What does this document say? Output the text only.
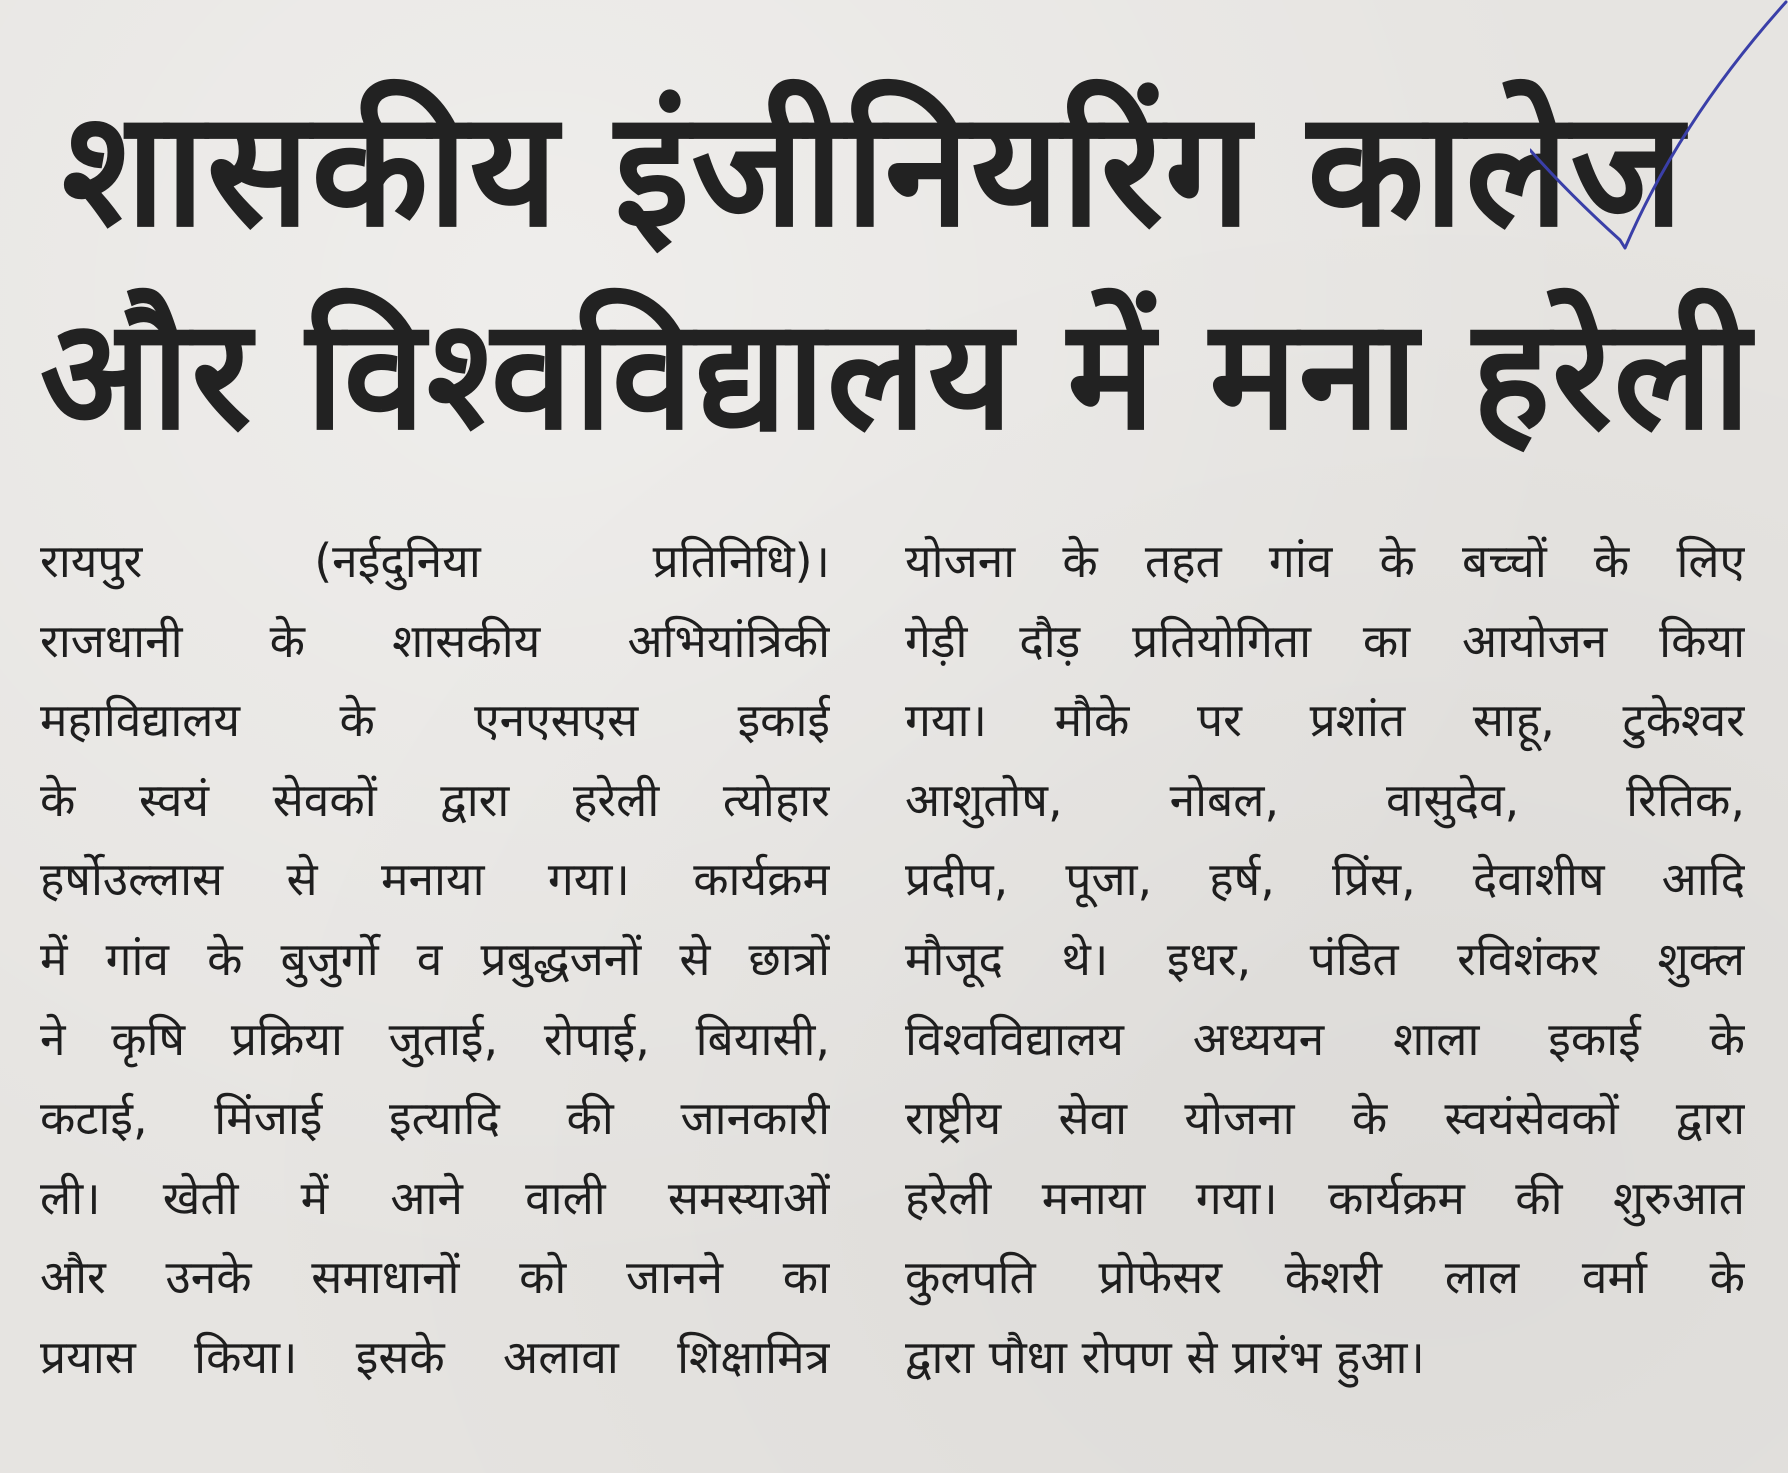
शासकीय इंजीनियरिंग कालेज
और विश्वविद्यालय में मना हरेली
रायपुर (नईदुनिया प्रतिनिधि)।
राजधानी के शासकीय अभियांत्रिकी
महाविद्यालय के एनएसएस इकाई
के स्वयं सेवकों द्वारा हरेली त्योहार
हर्षोउल्लास से मनाया गया। कार्यक्रम
में गांव के बुजुर्गो व प्रबुद्धजनों से छात्रों
ने कृषि प्रक्रिया जुताई, रोपाई, बियासी,
कटाई, मिंजाई इत्यादि की जानकारी
ली। खेती में आने वाली समस्याओं
और उनके समाधानों को जानने का
प्रयास किया। इसके अलावा शिक्षामित्र
योजना के तहत गांव के बच्चों के लिए
गेड़ी दौड़ प्रतियोगिता का आयोजन किया
गया। मौके पर प्रशांत साहू, टुकेश्वर
आशुतोष, नोबल, वासुदेव, रितिक,
प्रदीप, पूजा, हर्ष, प्रिंस, देवाशीष आदि
मौजूद थे। इधर, पंडित रविशंकर शुक्ल
विश्वविद्यालय अध्ययन शाला इकाई के
राष्ट्रीय सेवा योजना के स्वयंसेवकों द्वारा
हरेली मनाया गया। कार्यक्रम की शुरुआत
कुलपति प्रोफेसर केशरी लाल वर्मा के
द्वारा पौधा रोपण से प्रारंभ हुआ।
